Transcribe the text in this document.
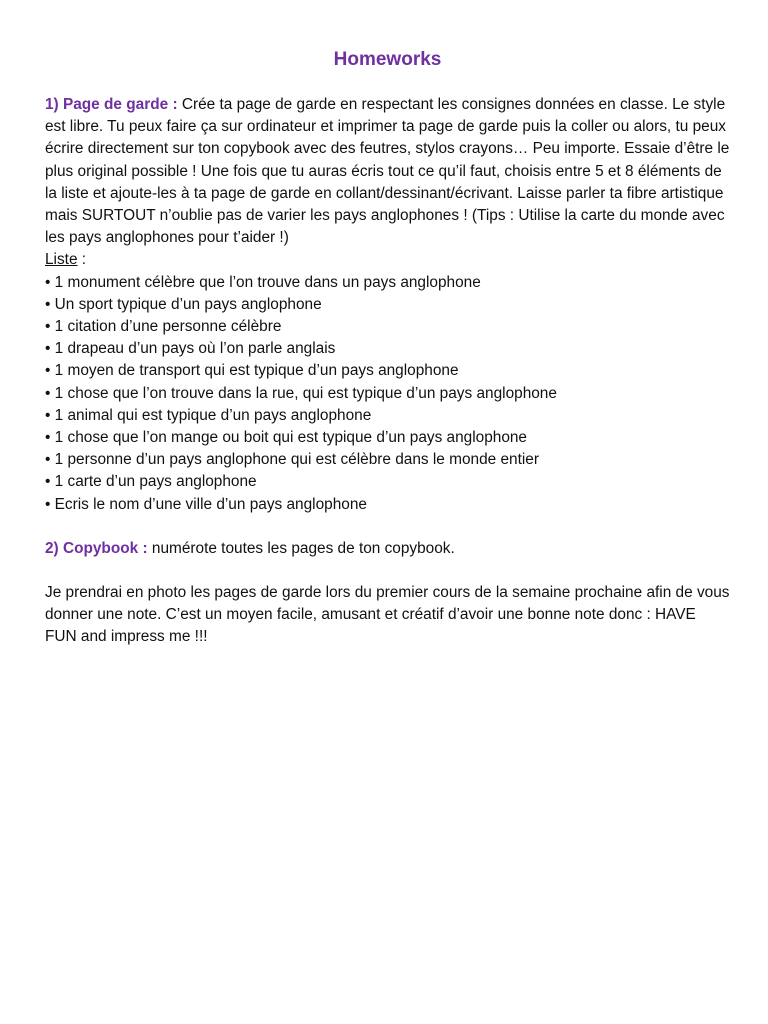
Homeworks

1) Page de garde : Crée ta page de garde en respectant les consignes données en classe. Le style est libre. Tu peux faire ça sur ordinateur et imprimer ta page de garde puis la coller ou alors, tu peux écrire directement sur ton copybook avec des feutres, stylos crayons… Peu importe. Essaie d’être le plus original possible ! Une fois que tu auras écris tout ce qu’il faut, choisis entre 5 et 8 éléments de la liste et ajoute-les à ta page de garde en collant/dessinant/écrivant. Laisse parler ta fibre artistique mais SURTOUT n’oublie pas de varier les pays anglophones ! (Tips : Utilise la carte du monde avec les pays anglophones pour t’aider !)

Liste :

• 1 monument célèbre que l’on trouve dans un pays anglophone
• Un sport typique d’un pays anglophone
• 1 citation d’une personne célèbre
• 1 drapeau d’un pays où l’on parle anglais
• 1 moyen de transport qui est typique d’un pays anglophone
• 1 chose que l’on trouve dans la rue, qui est typique d’un pays anglophone
• 1 animal qui est typique d’un pays anglophone
• 1 chose que l’on mange ou boit qui est typique d’un pays anglophone
• 1 personne d’un pays anglophone qui est célèbre dans le monde entier
• 1 carte d’un pays anglophone
• Ecris le nom d’une ville d’un pays anglophone

2) Copybook : numérote toutes les pages de ton copybook.

Je prendrai en photo les pages de garde lors du premier cours de la semaine prochaine afin de vous donner une note. C’est un moyen facile, amusant et créatif d’avoir une bonne note donc : HAVE FUN and impress me !!!
